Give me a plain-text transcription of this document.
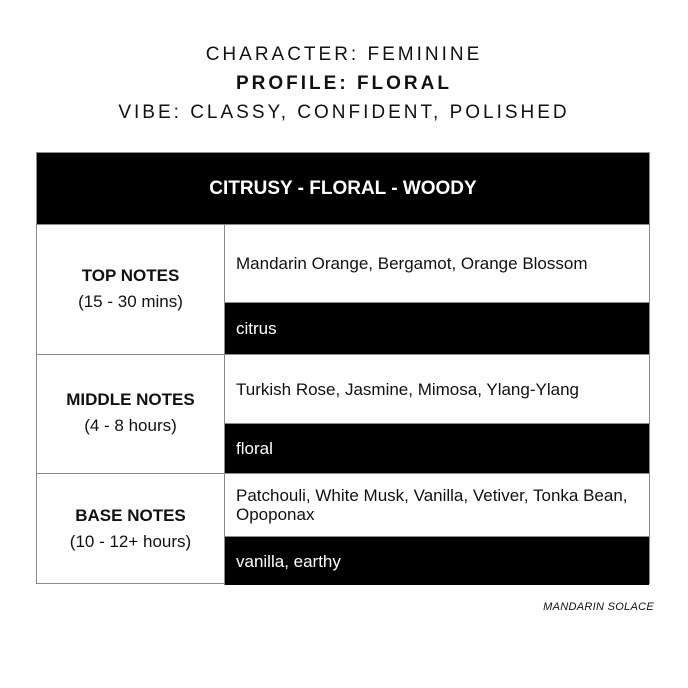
CHARACTER: FEMININE
PROFILE: FLORAL
VIBE: CLASSY, CONFIDENT, POLISHED
CITRUSY - FLORAL - WOODY
TOP NOTES
(15 - 30 mins)
Mandarin Orange, Bergamot, Orange Blossom
citrus
MIDDLE NOTES
(4 - 8 hours)
Turkish Rose, Jasmine, Mimosa, Ylang-Ylang
floral
BASE NOTES
(10 - 12+ hours)
Patchouli, White Musk, Vanilla, Vetiver, Tonka Bean, Opoponax
vanilla, earthy
MANDARIN SOLACE
